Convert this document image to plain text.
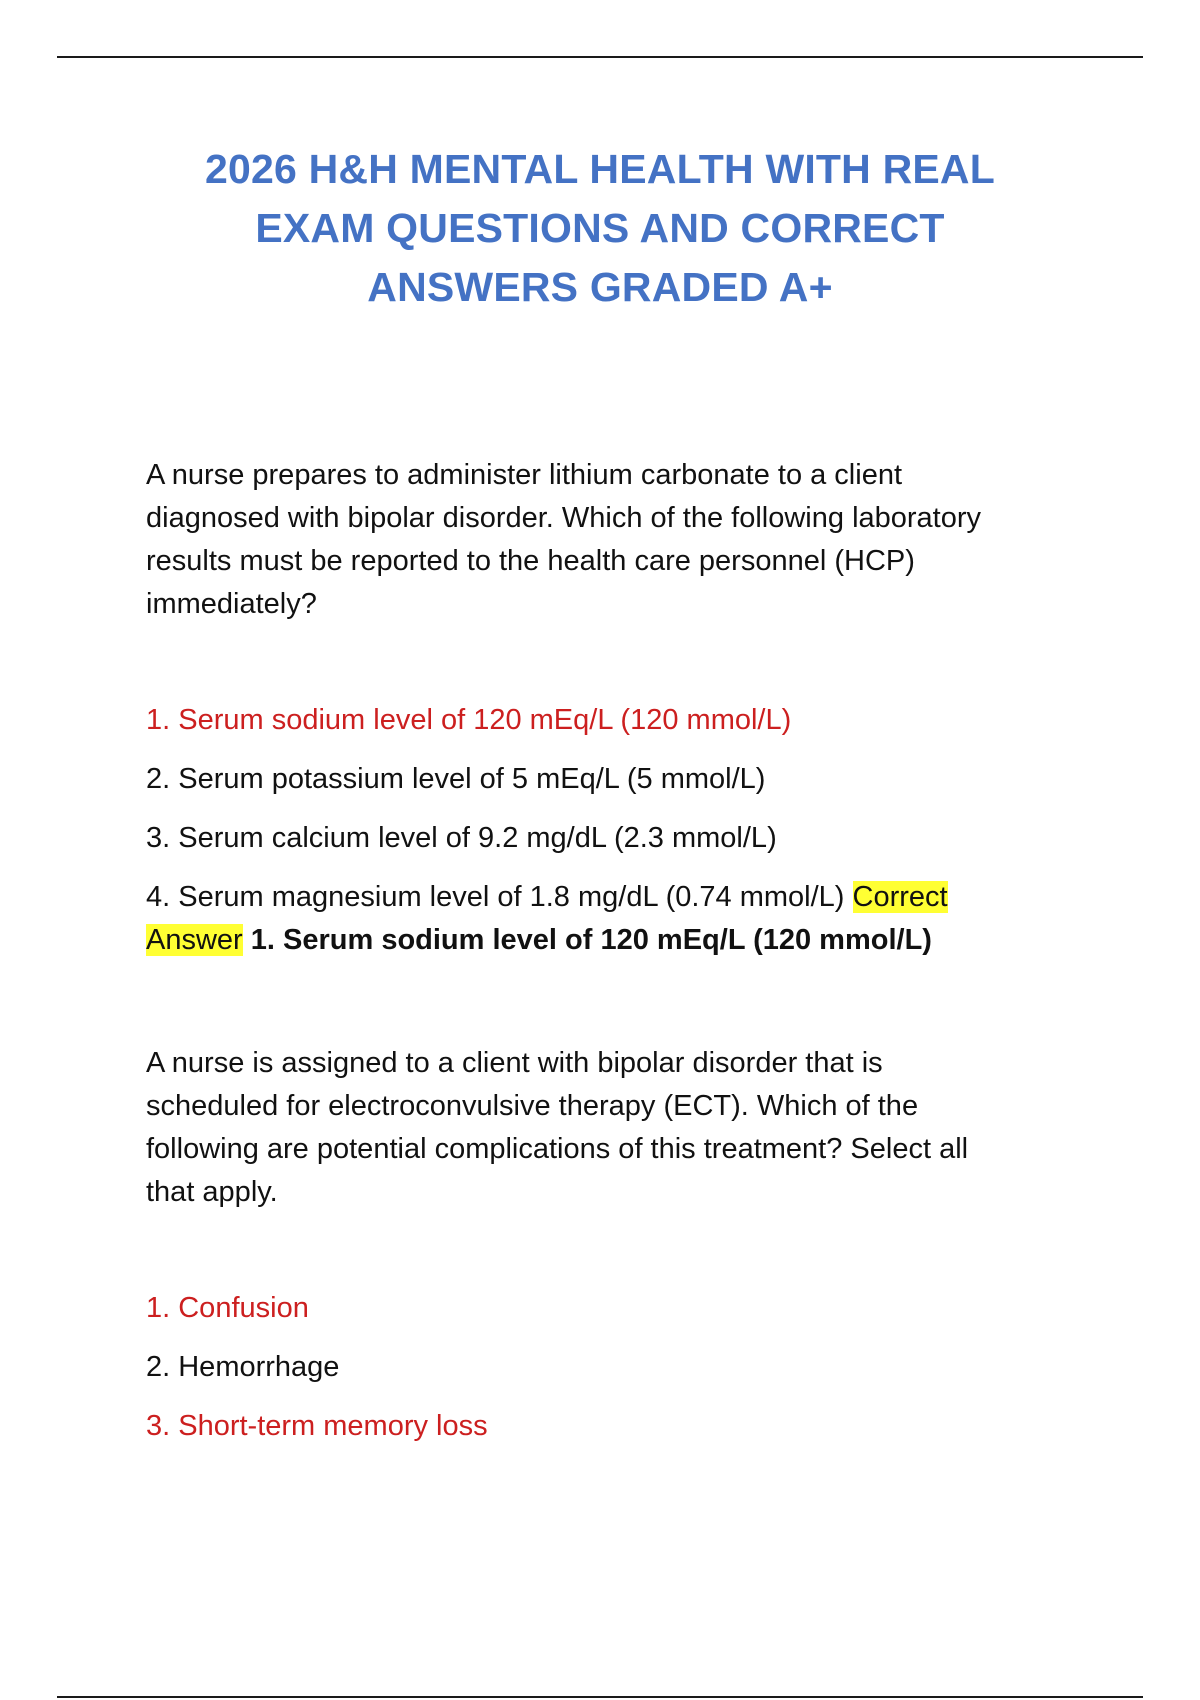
2026 H&H MENTAL HEALTH WITH REAL
EXAM QUESTIONS AND CORRECT
ANSWERS GRADED A+

A nurse prepares to administer lithium carbonate to a client
diagnosed with bipolar disorder. Which of the following laboratory
results must be reported to the health care personnel (HCP)
immediately?

1. Serum sodium level of 120 mEq/L (120 mmol/L)
2. Serum potassium level of 5 mEq/L (5 mmol/L)
3. Serum calcium level of 9.2 mg/dL (2.3 mmol/L)
4. Serum magnesium level of 1.8 mg/dL (0.74 mmol/L) Correct
Answer 1. Serum sodium level of 120 mEq/L (120 mmol/L)

A nurse is assigned to a client with bipolar disorder that is
scheduled for electroconvulsive therapy (ECT). Which of the
following are potential complications of this treatment? Select all
that apply.

1. Confusion
2. Hemorrhage
3. Short-term memory loss
